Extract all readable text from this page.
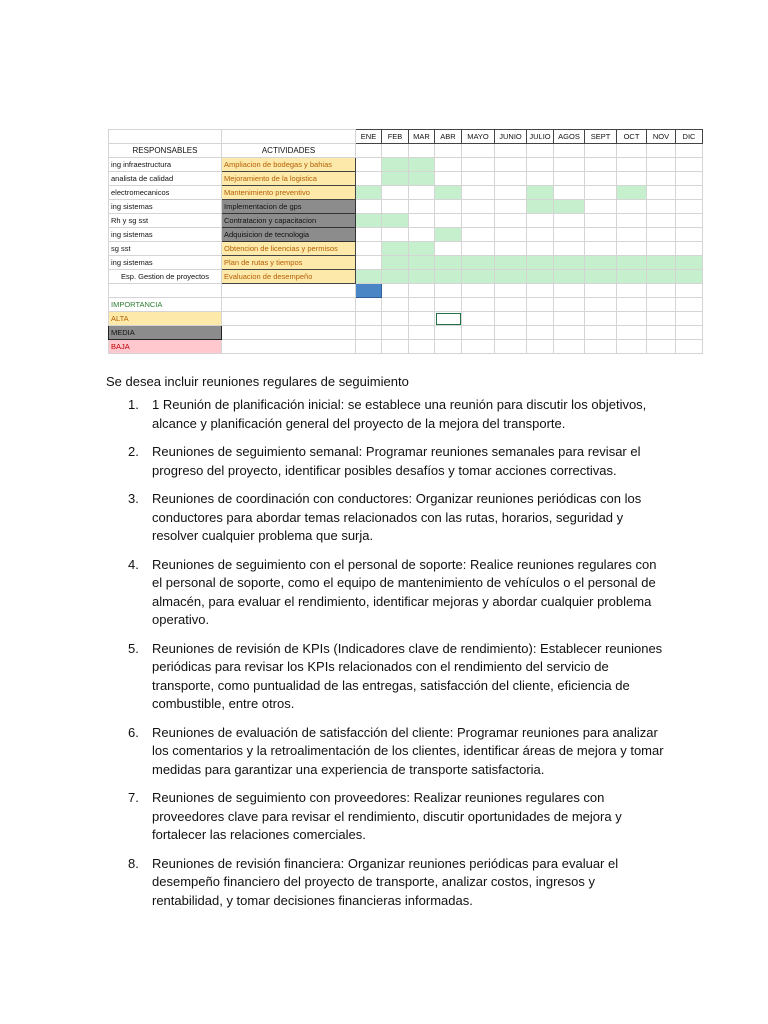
		ENE	FEB	MAR	ABR	MAYO	JUNIO	JULIO	AGOS	SEPT	OCT	NOV	DIC
RESPONSABLES	ACTIVIDADES												
ing infraestructura	Ampliacion de bodegas y bahias												
analista de calidad	Mejoramiento de la logistica												
electromecanicos	Mantenimiento preventivo												
ing sistemas	Implementacion de gps												
Rh y sg sst	Contratacion y capacitacion												
ing sistemas	Adquisicion de tecnologia												
sg sst	Obtencion de licencias y permisos												
ing sistemas	Plan de rutas y tiempos												
Esp. Gestion de proyectos	Evaluacion de desempeño												

IMPORTANCIA													
ALTA													
MEDIA													
BAJA													

Se desea incluir reuniones regulares de seguimiento

1. 1 Reunión de planificación inicial: se establece una reunión para discutir los objetivos, alcance y planificación general del proyecto de la mejora del transporte.
2. Reuniones de seguimiento semanal: Programar reuniones semanales para revisar el progreso del proyecto, identificar posibles desafíos y tomar acciones correctivas.
3. Reuniones de coordinación con conductores: Organizar reuniones periódicas con los conductores para abordar temas relacionados con las rutas, horarios, seguridad y resolver cualquier problema que surja.
4. Reuniones de seguimiento con el personal de soporte: Realice reuniones regulares con el personal de soporte, como el equipo de mantenimiento de vehículos o el personal de almacén, para evaluar el rendimiento, identificar mejoras y abordar cualquier problema operativo.
5. Reuniones de revisión de KPIs (Indicadores clave de rendimiento): Establecer reuniones periódicas para revisar los KPIs relacionados con el rendimiento del servicio de transporte, como puntualidad de las entregas, satisfacción del cliente, eficiencia de combustible, entre otros.
6. Reuniones de evaluación de satisfacción del cliente: Programar reuniones para analizar los comentarios y la retroalimentación de los clientes, identificar áreas de mejora y tomar medidas para garantizar una experiencia de transporte satisfactoria.
7. Reuniones de seguimiento con proveedores: Realizar reuniones regulares con proveedores clave para revisar el rendimiento, discutir oportunidades de mejora y fortalecer las relaciones comerciales.
8. Reuniones de revisión financiera: Organizar reuniones periódicas para evaluar el desempeño financiero del proyecto de transporte, analizar costos, ingresos y rentabilidad, y tomar decisiones financieras informadas.
